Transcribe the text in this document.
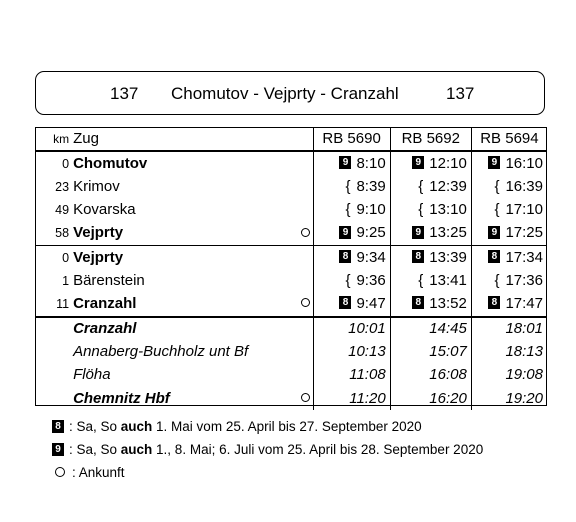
137 Chomutov - Vejprty - Cranzahl	137
km	Zug	RB 5690	RB 5692	RB 5694
0	Chomutov	9 8:10	9 12:10	9 16:10
23	Krimov	{ 8:39	{ 12:39	{ 16:39
49	Kovarska	{ 9:10	{ 13:10	{ 17:10
58	Vejprty	9 9:25	9 13:25	9 17:25
0	Vejprty	8 9:34	8 13:39	8 17:34
1	Bärenstein	{ 9:36	{ 13:41	{ 17:36
11	Cranzahl	8 9:47	8 13:52	8 17:47
	Cranzahl	10:01	14:45	18:01
	Annaberg-Buchholz unt Bf	10:13	15:07	18:13
	Flöha	11:08	16:08	19:08
	Chemnitz Hbf	11:20	16:20	19:20
8 : Sa, So auch 1. Mai vom 25. April bis 27. September 2020
9 : Sa, So auch 1., 8. Mai; 6. Juli vom 25. April bis 28. September 2020
: Ankunft
